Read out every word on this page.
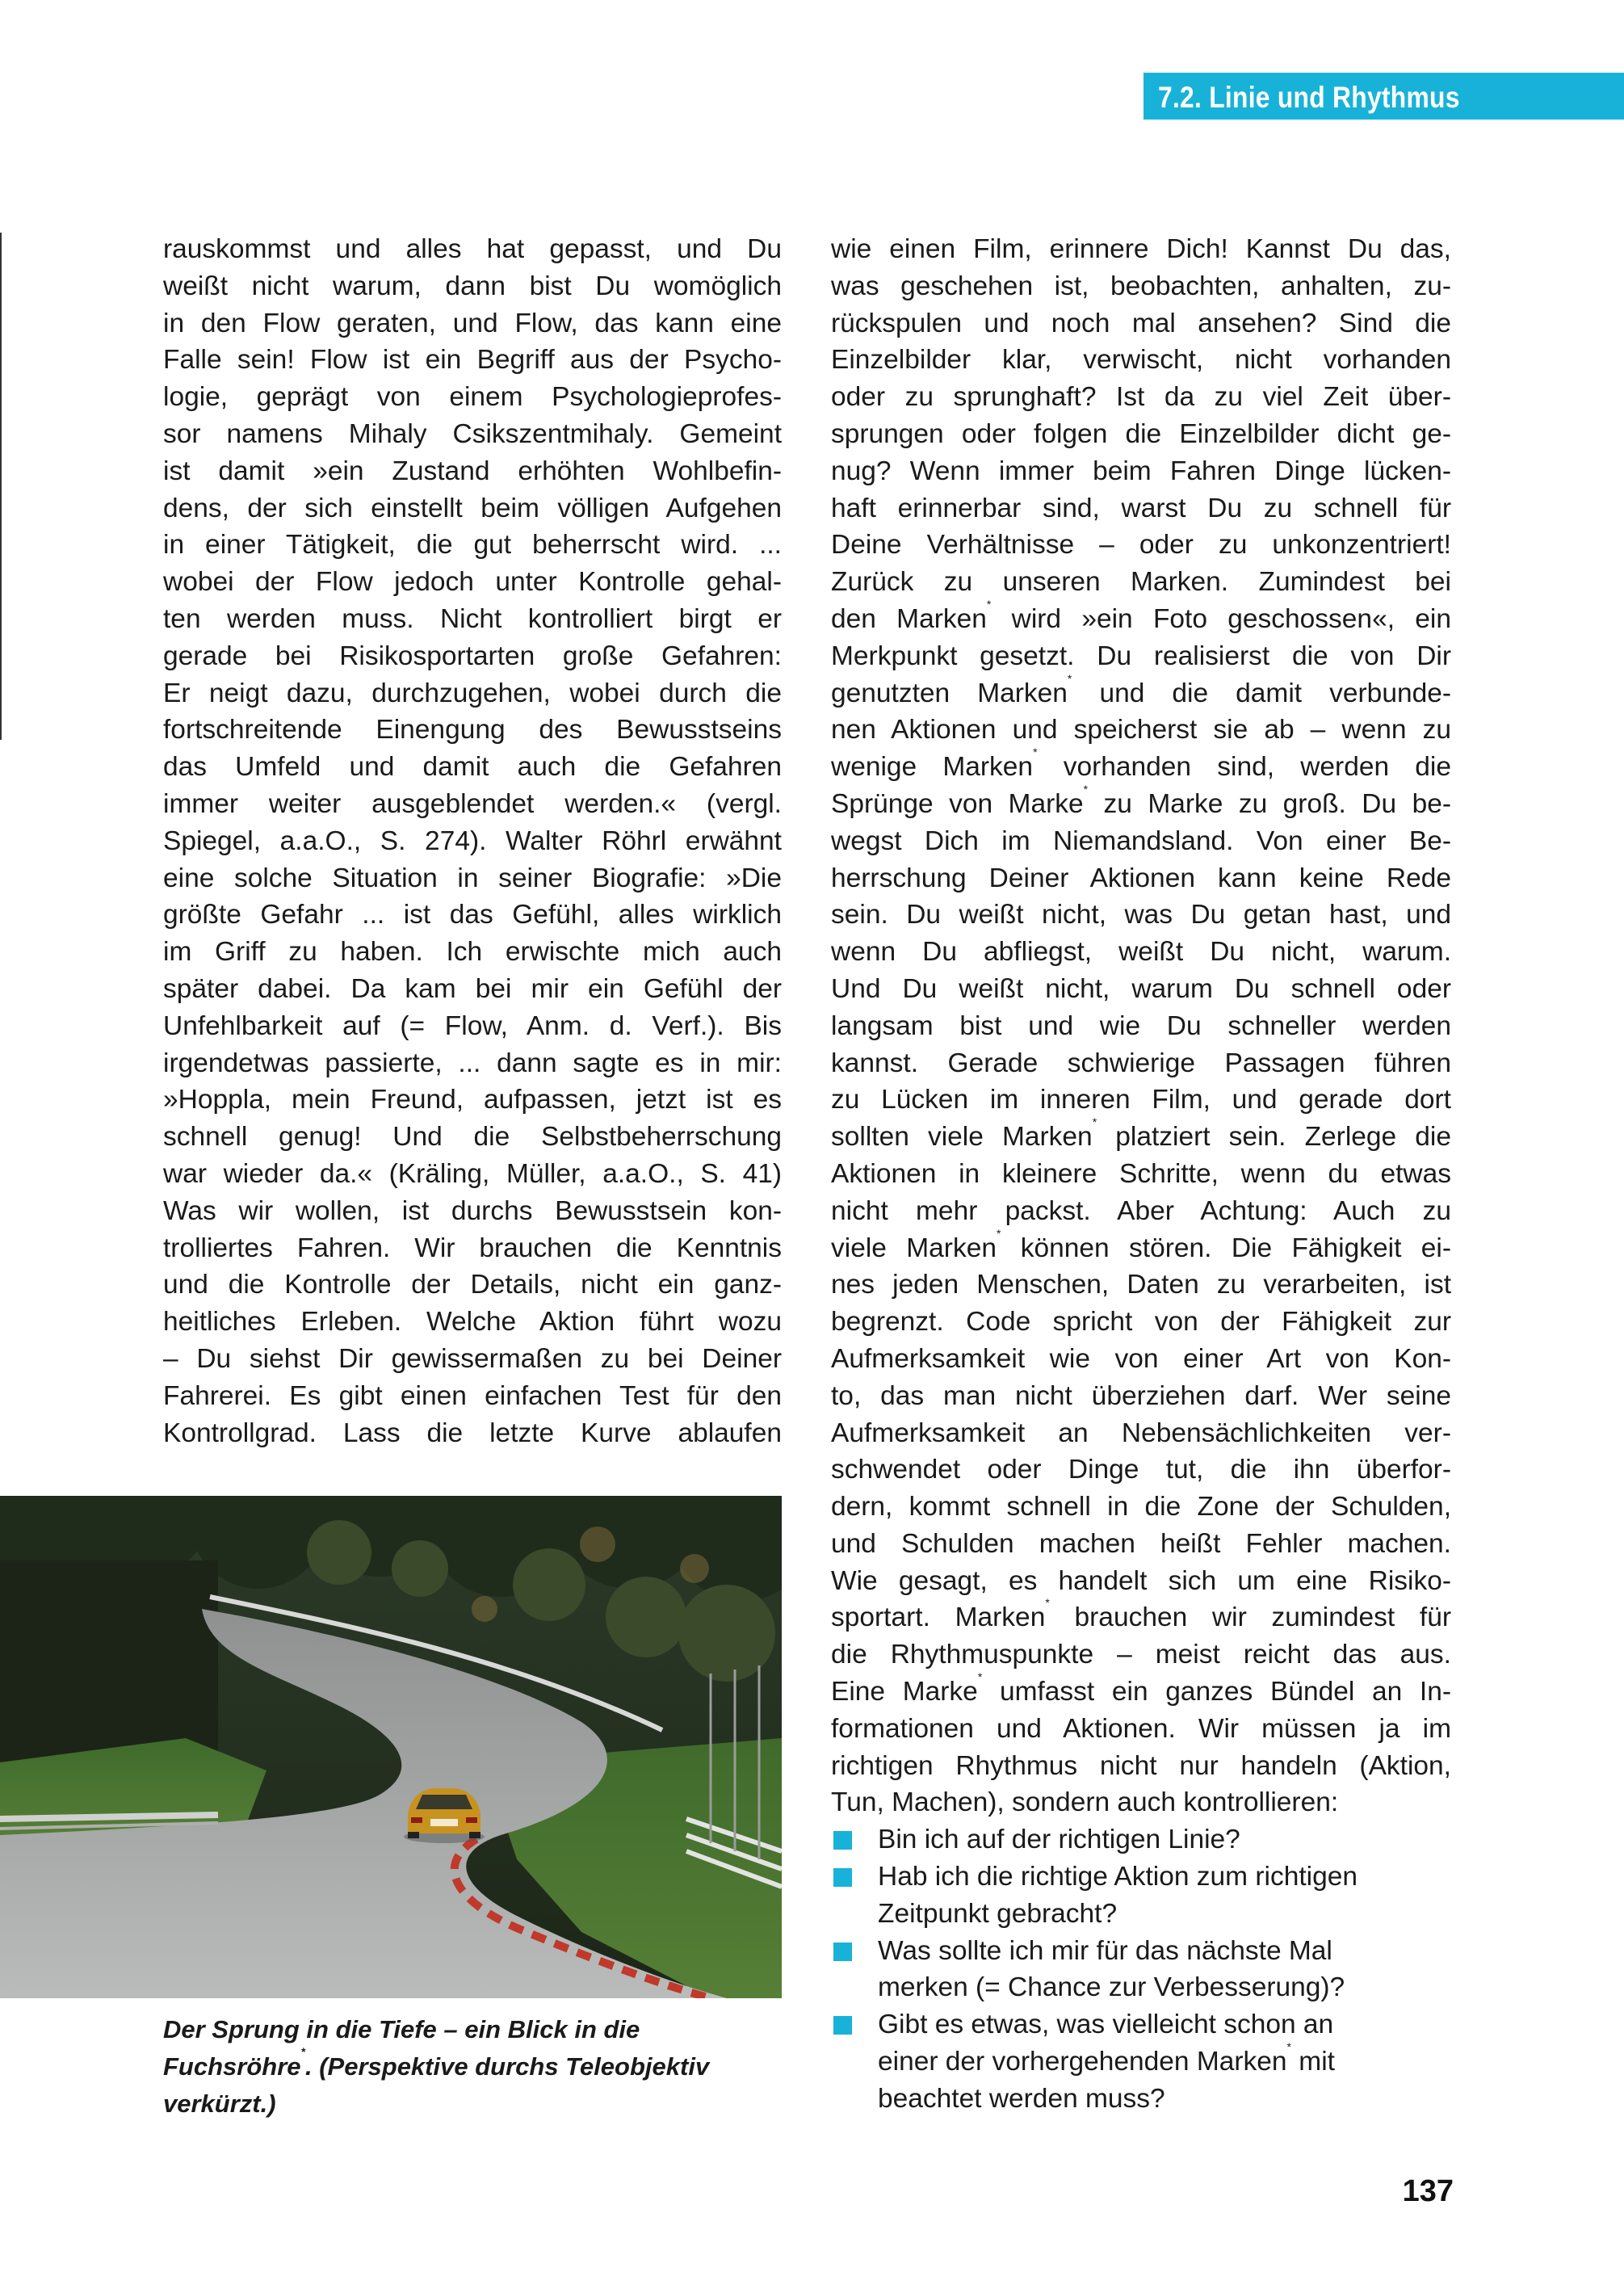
7.2. Linie und Rhythmus
rauskommst und alles hat gepasst, und Du
weißt nicht warum, dann bist Du womöglich
in den Flow geraten, und Flow, das kann eine
Falle sein! Flow ist ein Begriff aus der Psycho-
logie, geprägt von einem Psychologieprofes-
sor namens Mihaly Csikszentmihaly. Gemeint
ist damit »ein Zustand erhöhten Wohlbefin-
dens, der sich einstellt beim völligen Aufgehen
in einer Tätigkeit, die gut beherrscht wird. ...
wobei der Flow jedoch unter Kontrolle gehal-
ten werden muss. Nicht kontrolliert birgt er
gerade bei Risikosportarten große Gefahren:
Er neigt dazu, durchzugehen, wobei durch die
fortschreitende Einengung des Bewusstseins
das Umfeld und damit auch die Gefahren
immer weiter ausgeblendet werden.« (vergl.
Spiegel, a.a.O., S. 274). Walter Röhrl erwähnt
eine solche Situation in seiner Biografie: »Die
größte Gefahr ... ist das Gefühl, alles wirklich
im Griff zu haben. Ich erwischte mich auch
später dabei. Da kam bei mir ein Gefühl der
Unfehlbarkeit auf (= Flow, Anm. d. Verf.). Bis
irgendetwas passierte, ... dann sagte es in mir:
»Hoppla, mein Freund, aufpassen, jetzt ist es
schnell genug! Und die Selbstbeherrschung
war wieder da.« (Kräling, Müller, a.a.O., S. 41)
Was wir wollen, ist durchs Bewusstsein kon-
trolliertes Fahren. Wir brauchen die Kenntnis
und die Kontrolle der Details, nicht ein ganz-
heitliches Erleben. Welche Aktion führt wozu
– Du siehst Dir gewissermaßen zu bei Deiner
Fahrerei. Es gibt einen einfachen Test für den
Kontrollgrad. Lass die letzte Kurve ablaufen
wie einen Film, erinnere Dich! Kannst Du das,
was geschehen ist, beobachten, anhalten, zu-
rückspulen und noch mal ansehen? Sind die
Einzelbilder klar, verwischt, nicht vorhanden
oder zu sprunghaft? Ist da zu viel Zeit über-
sprungen oder folgen die Einzelbilder dicht ge-
nug? Wenn immer beim Fahren Dinge lücken-
haft erinnerbar sind, warst Du zu schnell für
Deine Verhältnisse – oder zu unkonzentriert!
Zurück zu unseren Marken. Zumindest bei
den Marken* wird »ein Foto geschossen«, ein
Merkpunkt gesetzt. Du realisierst die von Dir
genutzten Marken* und die damit verbunde-
nen Aktionen und speicherst sie ab – wenn zu
wenige Marken* vorhanden sind, werden die
Sprünge von Marke* zu Marke zu groß. Du be-
wegst Dich im Niemandsland. Von einer Be-
herrschung Deiner Aktionen kann keine Rede
sein. Du weißt nicht, was Du getan hast, und
wenn Du abfliegst, weißt Du nicht, warum.
Und Du weißt nicht, warum Du schnell oder
langsam bist und wie Du schneller werden
kannst. Gerade schwierige Passagen führen
zu Lücken im inneren Film, und gerade dort
sollten viele Marken* platziert sein. Zerlege die
Aktionen in kleinere Schritte, wenn du etwas
nicht mehr packst. Aber Achtung: Auch zu
viele Marken* können stören. Die Fähigkeit ei-
nes jeden Menschen, Daten zu verarbeiten, ist
begrenzt. Code spricht von der Fähigkeit zur
Aufmerksamkeit wie von einer Art von Kon-
to, das man nicht überziehen darf. Wer seine
Aufmerksamkeit an Nebensächlichkeiten ver-
schwendet oder Dinge tut, die ihn überfor-
dern, kommt schnell in die Zone der Schulden,
und Schulden machen heißt Fehler machen.
Wie gesagt, es handelt sich um eine Risiko-
sportart. Marken* brauchen wir zumindest für
die Rhythmuspunkte – meist reicht das aus.
Eine Marke* umfasst ein ganzes Bündel an In-
formationen und Aktionen. Wir müssen ja im
richtigen Rhythmus nicht nur handeln (Aktion,
Tun, Machen), sondern auch kontrollieren:
Bin ich auf der richtigen Linie?
Hab ich die richtige Aktion zum richtigen
Zeitpunkt gebracht?
Was sollte ich mir für das nächste Mal
merken (= Chance zur Verbesserung)?
Gibt es etwas, was vielleicht schon an
einer der vorhergehenden Marken* mit
beachtet werden muss?
Der Sprung in die Tiefe – ein Blick in die
Fuchsröhre*. (Perspektive durchs Teleobjektiv
verkürzt.)
137
